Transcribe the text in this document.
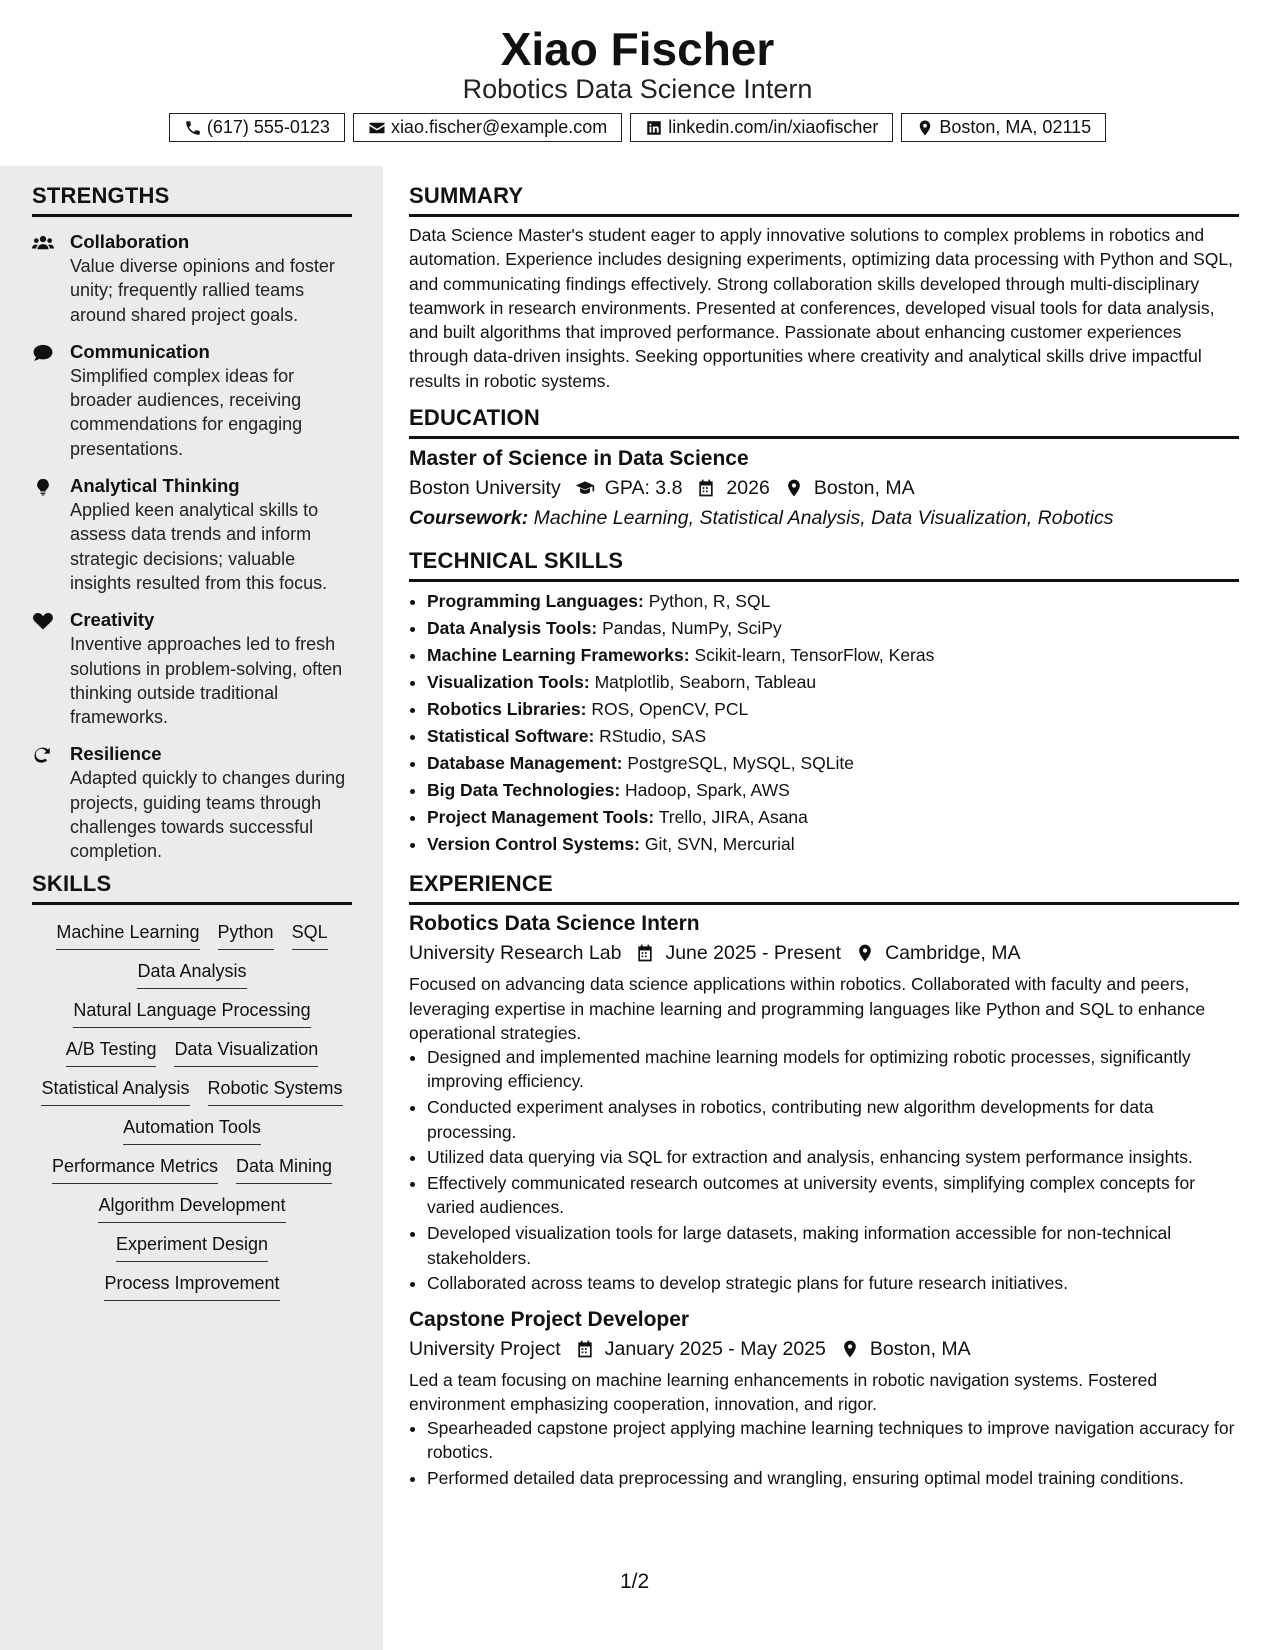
Xiao Fischer
Robotics Data Science Intern
(617) 555-0123	xiao.fischer@example.com	linkedin.com/in/xiaofischer	Boston, MA, 02115
STRENGTHS
Collaboration
Value diverse opinions and foster unity; frequently rallied teams around shared project goals.
Communication
Simplified complex ideas for broader audiences, receiving commendations for engaging presentations.
Analytical Thinking
Applied keen analytical skills to assess data trends and inform strategic decisions; valuable insights resulted from this focus.
Creativity
Inventive approaches led to fresh solutions in problem-solving, often thinking outside traditional frameworks.
Resilience
Adapted quickly to changes during projects, guiding teams through challenges towards successful completion.
SKILLS
Machine Learning Python SQL
Data Analysis
Natural Language Processing
A/B Testing Data Visualization
Statistical Analysis Robotic Systems
Automation Tools
Performance Metrics Data Mining
Algorithm Development
Experiment Design
Process Improvement
SUMMARY

Data Science Master's student eager to apply innovative solutions to complex problems in robotics and automation. Experience includes designing experiments, optimizing data processing with Python and SQL, and communicating findings effectively. Strong collaboration skills developed through multi-disciplinary teamwork in research environments. Presented at conferences, developed visual tools for data analysis, and built algorithms that improved performance. Passionate about enhancing customer experiences through data-driven insights. Seeking opportunities where creativity and analytical skills drive impactful results in robotic systems.

EDUCATION
Master of Science in Data Science
Boston University GPA: 3.8 2026 Boston, MA
Coursework: Machine Learning, Statistical Analysis, Data Visualization, Robotics
TECHNICAL SKILLS
• Programming Languages: Python, R, SQL
• Data Analysis Tools: Pandas, NumPy, SciPy
• Machine Learning Frameworks: Scikit-learn, TensorFlow, Keras
• Visualization Tools: Matplotlib, Seaborn, Tableau
• Robotics Libraries: ROS, OpenCV, PCL
• Statistical Software: RStudio, SAS
• Database Management: PostgreSQL, MySQL, SQLite
• Big Data Technologies: Hadoop, Spark, AWS
• Project Management Tools: Trello, JIRA, Asana
• Version Control Systems: Git, SVN, Mercurial
EXPERIENCE
Robotics Data Science Intern
University Research Lab June 2025 - Present Cambridge, MA

Focused on advancing data science applications within robotics. Collaborated with faculty and peers, leveraging expertise in machine learning and programming languages like Python and SQL to enhance operational strategies.

• Designed and implemented machine learning models for optimizing robotic processes, significantly improving efficiency.
• Conducted experiment analyses in robotics, contributing new algorithm developments for data processing.
• Utilized data querying via SQL for extraction and analysis, enhancing system performance insights.
• Effectively communicated research outcomes at university events, simplifying complex concepts for varied audiences.
• Developed visualization tools for large datasets, making information accessible for non-technical stakeholders.
• Collaborated across teams to develop strategic plans for future research initiatives.
Capstone Project Developer
University Project January 2025 - May 2025 Boston, MA

Led a team focusing on machine learning enhancements in robotic navigation systems. Fostered environment emphasizing cooperation, innovation, and rigor.

• Spearheaded capstone project applying machine learning techniques to improve navigation accuracy for robotics.
• Performed detailed data preprocessing and wrangling, ensuring optimal model training conditions.
1/2
